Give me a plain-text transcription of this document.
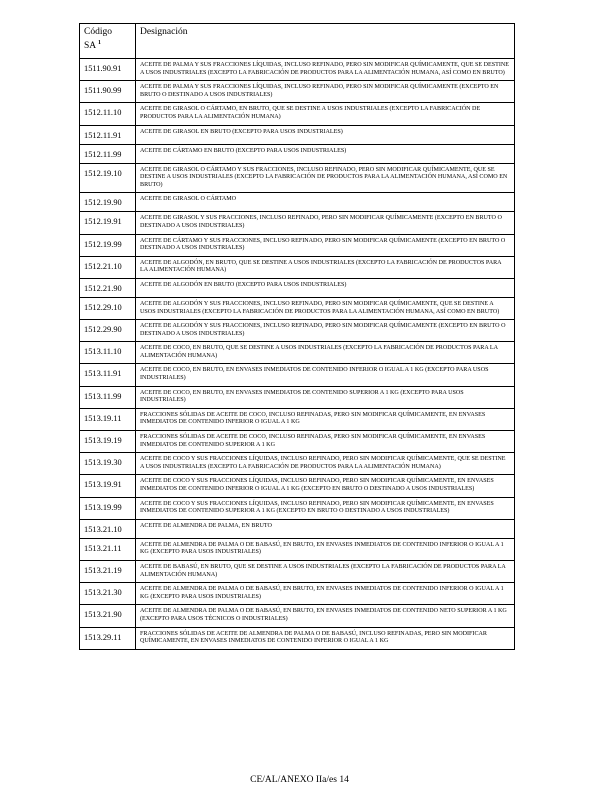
Código
SA $^1$	Designación
1511.90.91	ACEITE DE PALMA Y SUS FRACCIONES LÍQUIDAS, INCLUSO REFINADO, PERO SIN MODIFICAR QUÍMICAMENTE, QUE SE DESTINE A USOS INDUSTRIALES (EXCEPTO LA FABRICACIÓN DE PRODUCTOS PARA LA ALIMENTACIÓN HUMANA, ASÍ COMO EN BRUTO)
1511.90.99	ACEITE DE PALMA Y SUS FRACCIONES LÍQUIDAS, INCLUSO REFINADO, PERO SIN MODIFICAR QUÍMICAMENTE (EXCEPTO EN BRUTO O DESTINADO A USOS INDUSTRIALES)
1512.11.10	ACEITE DE GIRASOL O CÁRTAMO, EN BRUTO, QUE SE DESTINE A USOS INDUSTRIALES (EXCEPTO LA FABRICACIÓN DE PRODUCTOS PARA LA ALIMENTACIÓN HUMANA)
1512.11.91	ACEITE DE GIRASOL EN BRUTO (EXCEPTO PARA USOS INDUSTRIALES)
1512.11.99	ACEITE DE CÁRTAMO EN BRUTO (EXCEPTO PARA USOS INDUSTRIALES)
1512.19.10	ACEITE DE GIRASOL O CÁRTAMO Y SUS FRACCIONES, INCLUSO REFINADO, PERO SIN MODIFICAR QUÍMICAMENTE, QUE SE DESTINE A USOS INDUSTRIALES (EXCEPTO LA FABRICACIÓN DE PRODUCTOS PARA LA ALIMENTACIÓN HUMANA, ASÍ COMO EN BRUTO)
1512.19.90	ACEITE DE GIRASOL O CÁRTAMO
1512.19.91	ACEITE DE GIRASOL Y SUS FRACCIONES, INCLUSO REFINADO, PERO SIN MODIFICAR QUÍMICAMENTE (EXCEPTO EN BRUTO O DESTINADO A USOS INDUSTRIALES)
1512.19.99	ACEITE DE CÁRTAMO Y SUS FRACCIONES, INCLUSO REFINADO, PERO SIN MODIFICAR QUÍMICAMENTE (EXCEPTO EN BRUTO O DESTINADO A USOS INDUSTRIALES)
1512.21.10	ACEITE DE ALGODÓN, EN BRUTO, QUE SE DESTINE A USOS INDUSTRIALES (EXCEPTO LA FABRICACIÓN DE PRODUCTOS PARA LA ALIMENTACIÓN HUMANA)
1512.21.90	ACEITE DE ALGODÓN EN BRUTO (EXCEPTO PARA USOS INDUSTRIALES)
1512.29.10	ACEITE DE ALGODÓN Y SUS FRACCIONES, INCLUSO REFINADO, PERO SIN MODIFICAR QUÍMICAMENTE, QUE SE DESTINE A USOS INDUSTRIALES (EXCEPTO LA FABRICACIÓN DE PRODUCTOS PARA LA ALIMENTACIÓN HUMANA, ASÍ COMO EN BRUTO)
1512.29.90	ACEITE DE ALGODÓN Y SUS FRACCIONES, INCLUSO REFINADO, PERO SIN MODIFICAR QUÍMICAMENTE (EXCEPTO EN BRUTO O DESTINADO A USOS INDUSTRIALES)
1513.11.10	ACEITE DE COCO, EN BRUTO, QUE SE DESTINE A USOS INDUSTRIALES (EXCEPTO LA FABRICACIÓN DE PRODUCTOS PARA LA ALIMENTACIÓN HUMANA)
1513.11.91	ACEITE DE COCO, EN BRUTO, EN ENVASES INMEDIATOS DE CONTENIDO INFERIOR O IGUAL A 1 KG (EXCEPTO PARA USOS INDUSTRIALES)
1513.11.99	ACEITE DE COCO, EN BRUTO, EN ENVASES INMEDIATOS DE CONTENIDO SUPERIOR A 1 KG (EXCEPTO PARA USOS INDUSTRIALES)
1513.19.11	FRACCIONES SÓLIDAS DE ACEITE DE COCO, INCLUSO REFINADAS, PERO SIN MODIFICAR QUÍMICAMENTE, EN ENVASES INMEDIATOS DE CONTENIDO INFERIOR O IGUAL A 1 KG
1513.19.19	FRACCIONES SÓLIDAS DE ACEITE DE COCO, INCLUSO REFINADAS, PERO SIN MODIFICAR QUÍMICAMENTE, EN ENVASES INMEDIATOS DE CONTENIDO SUPERIOR A 1 KG
1513.19.30	ACEITE DE COCO Y SUS FRACCIONES LÍQUIDAS, INCLUSO REFINADO, PERO SIN MODIFICAR QUÍMICAMENTE, QUE SE DESTINE A USOS INDUSTRIALES (EXCEPTO LA FABRICACIÓN DE PRODUCTOS PARA LA ALIMENTACIÓN HUMANA)
1513.19.91	ACEITE DE COCO Y SUS FRACCIONES LÍQUIDAS, INCLUSO REFINADO, PERO SIN MODIFICAR QUÍMICAMENTE, EN ENVASES INMEDIATOS DE CONTENIDO INFERIOR O IGUAL A 1 KG (EXCEPTO EN BRUTO O DESTINADO A USOS INDUSTRIALES)
1513.19.99	ACEITE DE COCO Y SUS FRACCIONES LÍQUIDAS, INCLUSO REFINADO, PERO SIN MODIFICAR QUÍMICAMENTE, EN ENVASES INMEDIATOS DE CONTENIDO SUPERIOR A 1 KG (EXCEPTO EN BRUTO O DESTINADO A USOS INDUSTRIALES)
1513.21.10	ACEITE DE ALMENDRA DE PALMA, EN BRUTO
1513.21.11	ACEITE DE ALMENDRA DE PALMA O DE BABASÚ, EN BRUTO, EN ENVASES INMEDIATOS DE CONTENIDO INFERIOR O IGUAL A 1 KG (EXCEPTO PARA USOS INDUSTRIALES)
1513.21.19	ACEITE DE BABASÚ, EN BRUTO, QUE SE DESTINE A USOS INDUSTRIALES (EXCEPTO LA FABRICACIÓN DE PRODUCTOS PARA LA ALIMENTACIÓN HUMANA)
1513.21.30	ACEITE DE ALMENDRA DE PALMA O DE BABASÚ, EN BRUTO, EN ENVASES INMEDIATOS DE CONTENIDO INFERIOR O IGUAL A 1 KG (EXCEPTO PARA USOS INDUSTRIALES)
1513.21.90	ACEITE DE ALMENDRA DE PALMA O DE BABASÚ, EN BRUTO, EN ENVASES INMEDIATOS DE CONTENIDO NETO SUPERIOR A 1 KG (EXCEPTO PARA USOS TÉCNICOS O INDUSTRIALES)
1513.29.11	FRACCIONES SÓLIDAS DE ACEITE DE ALMENDRA DE PALMA O DE BABASÚ, INCLUSO REFINADAS, PERO SIN MODIFICAR QUÍMICAMENTE, EN ENVASES INMEDIATOS DE CONTENIDO INFERIOR O IGUAL A 1 KG
CE/AL/ANEXO IIa/es 14
